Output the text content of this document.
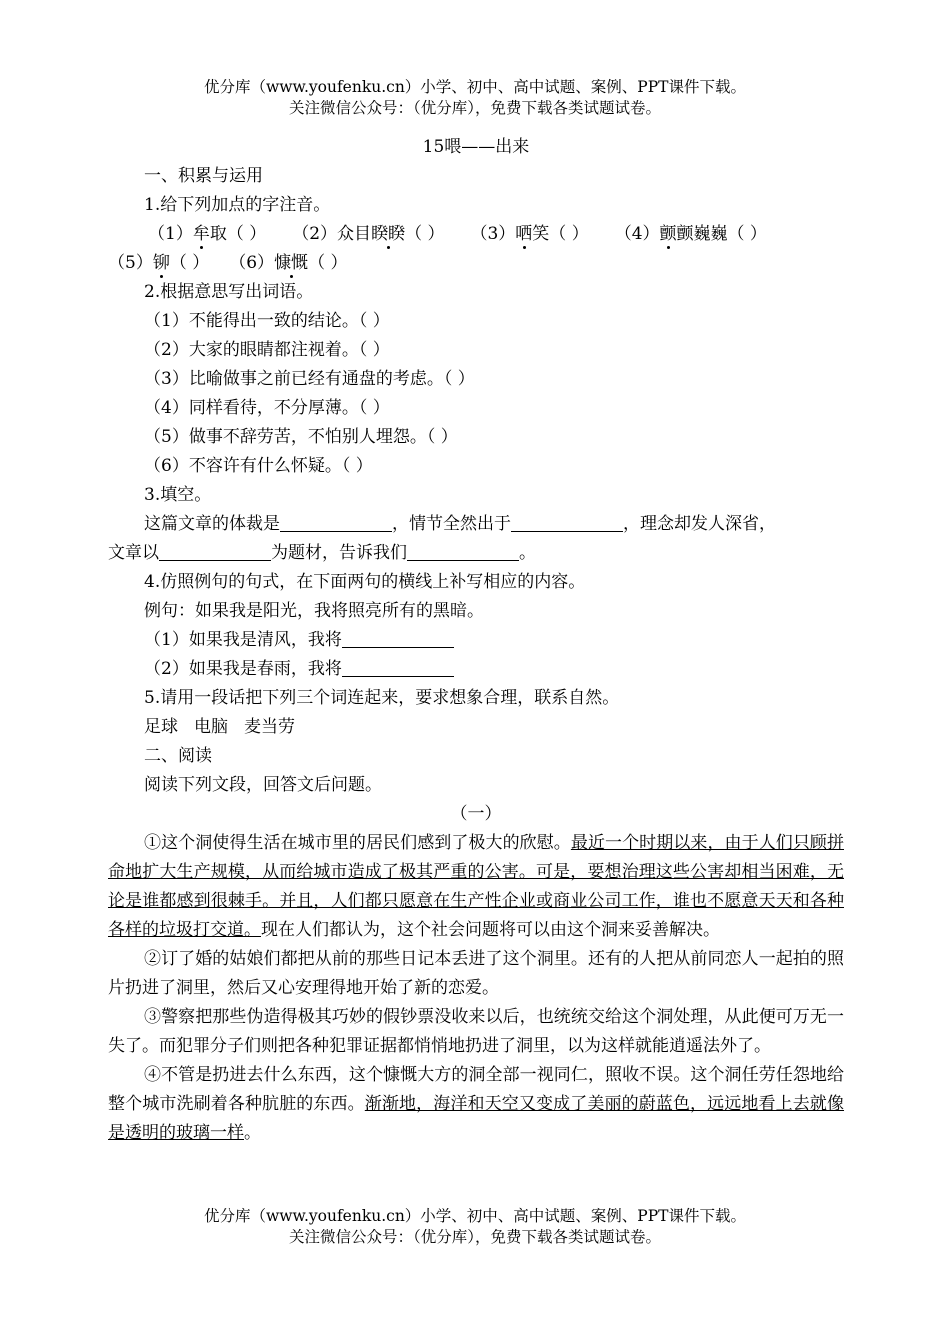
优分库（www.youfenku.cn）小学、初中、高中试题、案例、PPT课件下载。
关注微信公众号：（优分库），免费下载各类试题试卷。
15喂——出来
一、积累与运用
1.给下列加点的字注音。
（1）牟取（ ） （2）众目睽睽（ ） （3）哂笑（ ） （4）颤颤巍巍（ ）
（5）铆（ ） （6）慷慨（ ）
2.根据意思写出词语。
（1）不能得出一致的结论。（ ）
（2）大家的眼睛都注视着。（ ）
（3）比喻做事之前已经有通盘的考虑。（ ）
（4）同样看待，不分厚薄。（ ）
（5）做事不辞劳苦，不怕别人埋怨。（ ）
（6）不容许有什么怀疑。（ ）
3.填空。
这篇文章的体裁是	，情节全然出于	，理念却发人深省，
文章以	为题材，告诉我们	。
4.仿照例句的句式，在下面两句的横线上补写相应的内容。
例句：如果我是阳光，我将照亮所有的黑暗。
（1）如果我是清风，我将
（2）如果我是春雨，我将
5.请用一段话把下列三个词连起来，要求想象合理，联系自然。
足球 电脑 麦当劳
二、阅读
阅读下列文段，回答文后问题。
（一）
①这个洞使得生活在城市里的居民们感到了极大的欣慰。最近一个时期以来，由于人们只顾拼命地扩大生产规模，从而给城市造成了极其严重的公害。可是，要想治理这些公害却相当困难，无论是谁都感到很棘手。并且，人们都只愿意在生产性企业或商业公司工作，谁也不愿意天天和各种各样的垃圾打交道。现在人们都认为，这个社会问题将可以由这个洞来妥善解决。
②订了婚的姑娘们都把从前的那些日记本丢进了这个洞里。还有的人把从前同恋人一起拍的照片扔进了洞里，然后又心安理得地开始了新的恋爱。
③警察把那些伪造得极其巧妙的假钞票没收来以后，也统统交给这个洞处理，从此便可万无一失了。而犯罪分子们则把各种犯罪证据都悄悄地扔进了洞里，以为这样就能逍遥法外了。
④不管是扔进去什么东西，这个慷慨大方的洞全部一视同仁，照收不误。这个洞任劳任怨地给整个城市洗刷着各种肮脏的东西。渐渐地，海洋和天空又变成了美丽的蔚蓝色，远远地看上去就像是透明的玻璃一样。
优分库（www.youfenku.cn）小学、初中、高中试题、案例、PPT课件下载。
关注微信公众号：（优分库），免费下载各类试题试卷。
